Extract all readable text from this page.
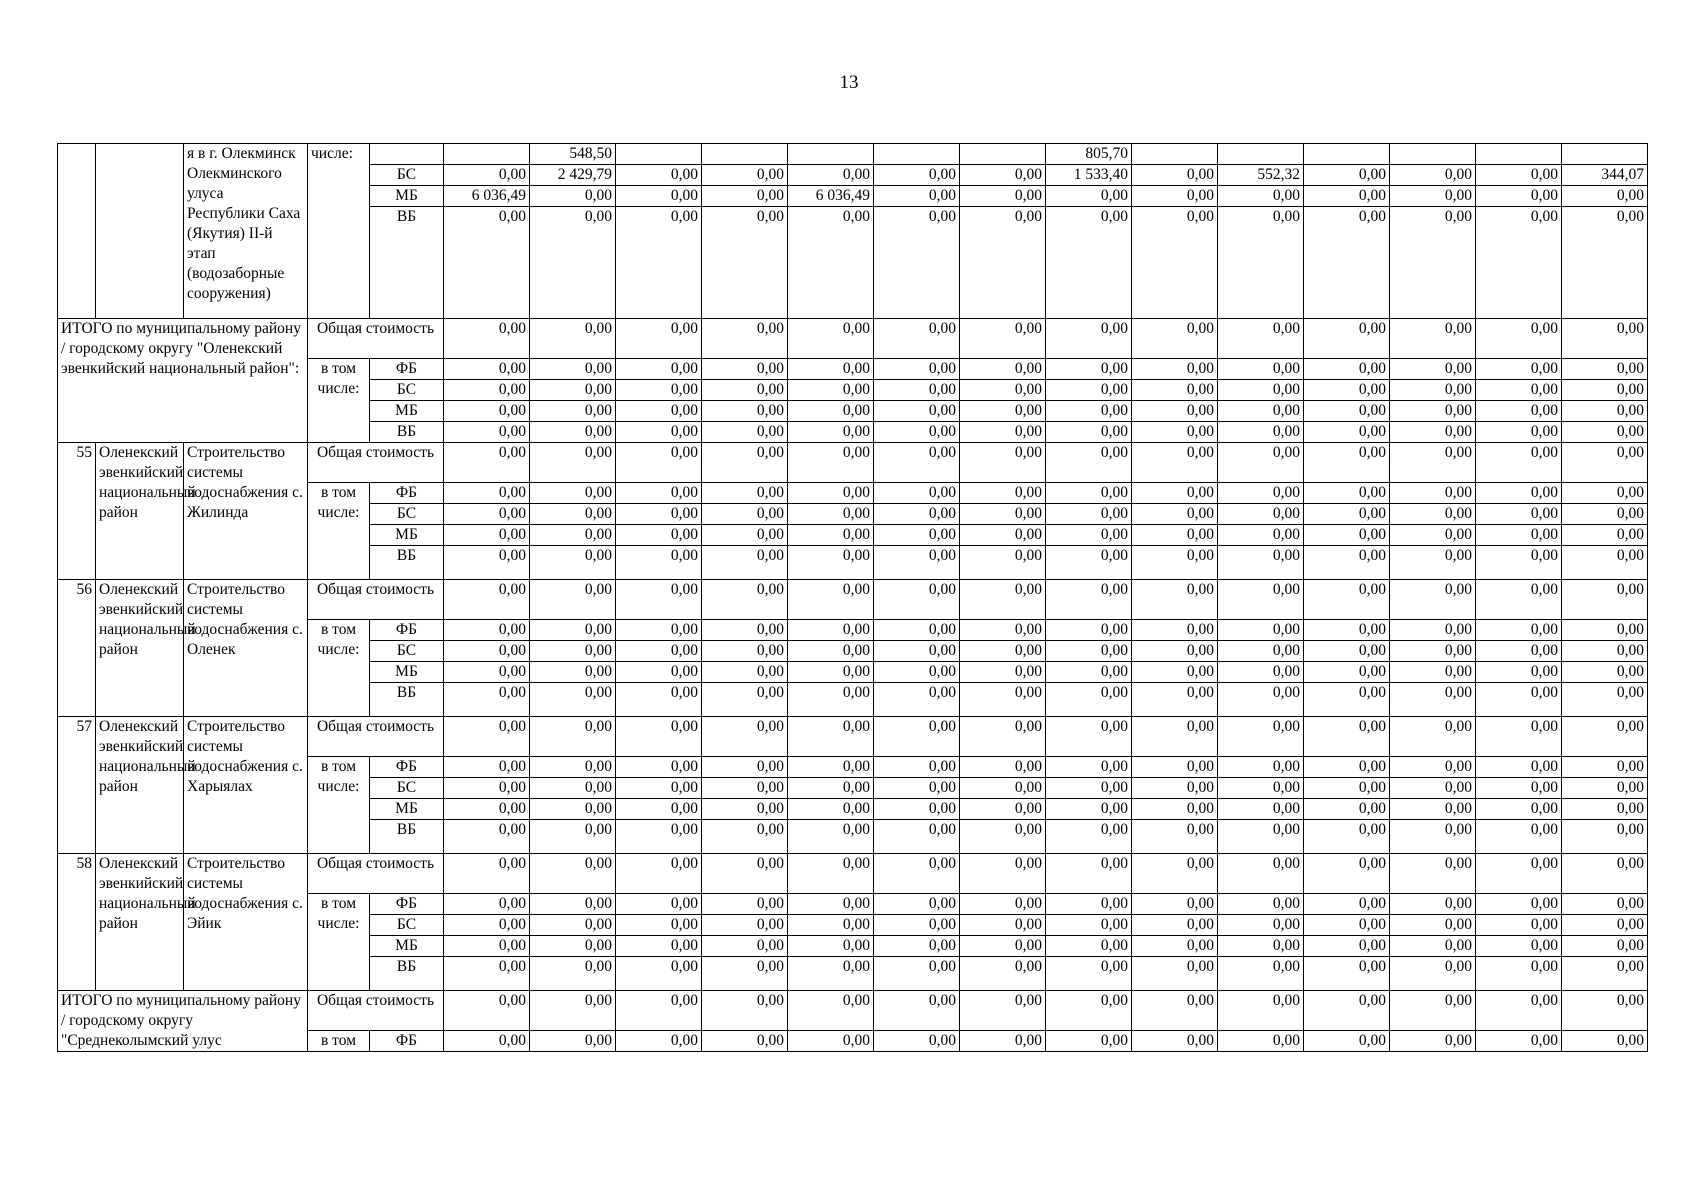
13
		я в г. Олекминск Олекминского улуса Республики Саха (Якутия) II-й этап (водозаборные сооружения)	числе:			548,50						805,70						
				БС	0,00	2 429,79	0,00	0,00	0,00	0,00	0,00	1 533,40	0,00	552,32	0,00	0,00	0,00	344,07
				МБ	6 036,49	0,00	0,00	0,00	6 036,49	0,00	0,00	0,00	0,00	0,00	0,00	0,00	0,00	0,00
				ВБ	0,00	0,00	0,00	0,00	0,00	0,00	0,00	0,00	0,00	0,00	0,00	0,00	0,00	0,00
ИТОГО по муниципальному району / городскому округу "Оленекский эвенкийский национальный район":			Общая стоимость		0,00	0,00	0,00	0,00	0,00	0,00	0,00	0,00	0,00	0,00	0,00	0,00	0,00	0,00
			в том числе:	ФБ	0,00	0,00	0,00	0,00	0,00	0,00	0,00	0,00	0,00	0,00	0,00	0,00	0,00	0,00
				БС	0,00	0,00	0,00	0,00	0,00	0,00	0,00	0,00	0,00	0,00	0,00	0,00	0,00	0,00
				МБ	0,00	0,00	0,00	0,00	0,00	0,00	0,00	0,00	0,00	0,00	0,00	0,00	0,00	0,00
				ВБ	0,00	0,00	0,00	0,00	0,00	0,00	0,00	0,00	0,00	0,00	0,00	0,00	0,00	0,00
55	Оленекский эвенкийский национальный район	Строительство системы водоснабжения с. Жилинда	Общая стоимость		0,00	0,00	0,00	0,00	0,00	0,00	0,00	0,00	0,00	0,00	0,00	0,00	0,00	0,00
			в том числе:	ФБ	0,00	0,00	0,00	0,00	0,00	0,00	0,00	0,00	0,00	0,00	0,00	0,00	0,00	0,00
				БС	0,00	0,00	0,00	0,00	0,00	0,00	0,00	0,00	0,00	0,00	0,00	0,00	0,00	0,00
				МБ	0,00	0,00	0,00	0,00	0,00	0,00	0,00	0,00	0,00	0,00	0,00	0,00	0,00	0,00
				ВБ	0,00	0,00	0,00	0,00	0,00	0,00	0,00	0,00	0,00	0,00	0,00	0,00	0,00	0,00
56	Оленекский эвенкийский национальный район	Строительство системы водоснабжения с. Оленек	Общая стоимость		0,00	0,00	0,00	0,00	0,00	0,00	0,00	0,00	0,00	0,00	0,00	0,00	0,00	0,00
			в том числе:	ФБ	0,00	0,00	0,00	0,00	0,00	0,00	0,00	0,00	0,00	0,00	0,00	0,00	0,00	0,00
				БС	0,00	0,00	0,00	0,00	0,00	0,00	0,00	0,00	0,00	0,00	0,00	0,00	0,00	0,00
				МБ	0,00	0,00	0,00	0,00	0,00	0,00	0,00	0,00	0,00	0,00	0,00	0,00	0,00	0,00
				ВБ	0,00	0,00	0,00	0,00	0,00	0,00	0,00	0,00	0,00	0,00	0,00	0,00	0,00	0,00
57	Оленекский эвенкийский национальный район	Строительство системы водоснабжения с. Харыялах	Общая стоимость		0,00	0,00	0,00	0,00	0,00	0,00	0,00	0,00	0,00	0,00	0,00	0,00	0,00	0,00
			в том числе:	ФБ	0,00	0,00	0,00	0,00	0,00	0,00	0,00	0,00	0,00	0,00	0,00	0,00	0,00	0,00
				БС	0,00	0,00	0,00	0,00	0,00	0,00	0,00	0,00	0,00	0,00	0,00	0,00	0,00	0,00
				МБ	0,00	0,00	0,00	0,00	0,00	0,00	0,00	0,00	0,00	0,00	0,00	0,00	0,00	0,00
				ВБ	0,00	0,00	0,00	0,00	0,00	0,00	0,00	0,00	0,00	0,00	0,00	0,00	0,00	0,00
58	Оленекский эвенкийский национальный район	Строительство системы водоснабжения с. Эйик	Общая стоимость		0,00	0,00	0,00	0,00	0,00	0,00	0,00	0,00	0,00	0,00	0,00	0,00	0,00	0,00
			в том числе:	ФБ	0,00	0,00	0,00	0,00	0,00	0,00	0,00	0,00	0,00	0,00	0,00	0,00	0,00	0,00
				БС	0,00	0,00	0,00	0,00	0,00	0,00	0,00	0,00	0,00	0,00	0,00	0,00	0,00	0,00
				МБ	0,00	0,00	0,00	0,00	0,00	0,00	0,00	0,00	0,00	0,00	0,00	0,00	0,00	0,00
				ВБ	0,00	0,00	0,00	0,00	0,00	0,00	0,00	0,00	0,00	0,00	0,00	0,00	0,00	0,00
ИТОГО по муниципальному району / городскому округу "Среднеколымский улус			Общая стоимость		0,00	0,00	0,00	0,00	0,00	0,00	0,00	0,00	0,00	0,00	0,00	0,00	0,00	0,00
			в том	ФБ	0,00	0,00	0,00	0,00	0,00	0,00	0,00	0,00	0,00	0,00	0,00	0,00	0,00	0,00
